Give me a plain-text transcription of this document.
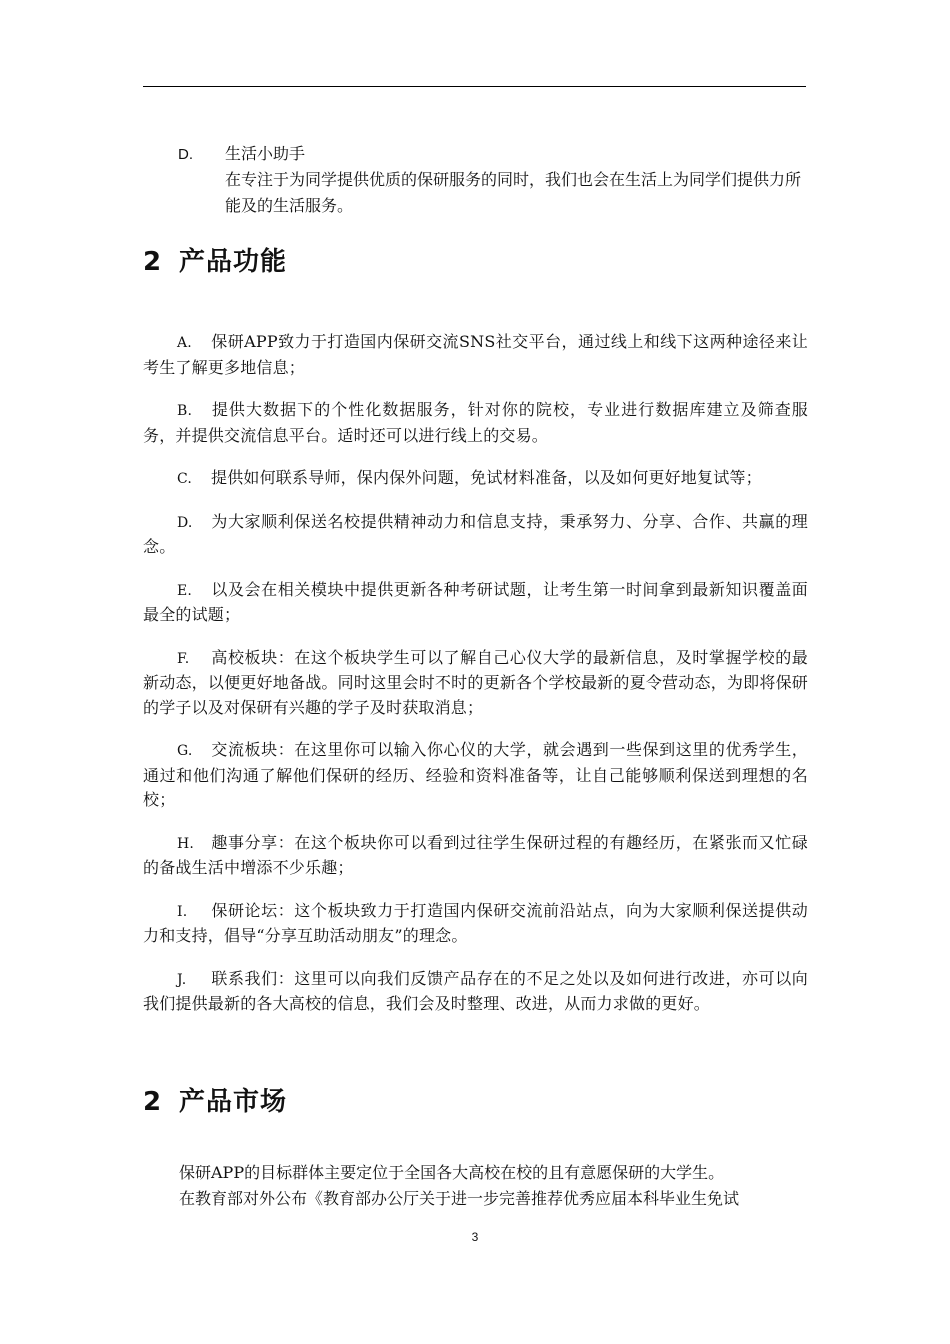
D. 生活小助手

在专注于为同学提供优质的保研服务的同时，我们也会在生活上为同学们提供力所能及的生活服务。

2 产品功能

A. 保研APP致力于打造国内保研交流SNS社交平台，通过线上和线下这两种途径来让考生了解更多地信息；

B. 提供大数据下的个性化数据服务，针对你的院校，专业进行数据库建立及筛查服务，并提供交流信息平台。适时还可以进行线上的交易。

C. 提供如何联系导师，保内保外问题，免试材料准备，以及如何更好地复试等；

D. 为大家顺利保送名校提供精神动力和信息支持，秉承努力、分享、合作、共赢的理念。

E. 以及会在相关模块中提供更新各种考研试题，让考生第一时间拿到最新知识覆盖面最全的试题；

F. 高校板块：在这个板块学生可以了解自己心仪大学的最新信息，及时掌握学校的最新动态，以便更好地备战。同时这里会时不时的更新各个学校最新的夏令营动态，为即将保研的学子以及对保研有兴趣的学子及时获取消息；

G. 交流板块：在这里你可以输入你心仪的大学，就会遇到一些保到这里的优秀学生，通过和他们沟通了解他们保研的经历、经验和资料准备等，让自己能够顺利保送到理想的名校；

H. 趣事分享：在这个板块你可以看到过往学生保研过程的有趣经历，在紧张而又忙碌的备战生活中增添不少乐趣；

I. 保研论坛：这个板块致力于打造国内保研交流前沿站点，向为大家顺利保送提供动力和支持，倡导“分享互助活动朋友”的理念。

J. 联系我们：这里可以向我们反馈产品存在的不足之处以及如何进行改进，亦可以向我们提供最新的各大高校的信息，我们会及时整理、改进，从而力求做的更好。

2 产品市场

保研APP的目标群体主要定位于全国各大高校在校的且有意愿保研的大学生。

在教育部对外公布《教育部办公厅关于进一步完善推荐优秀应届本科毕业生免试

3
